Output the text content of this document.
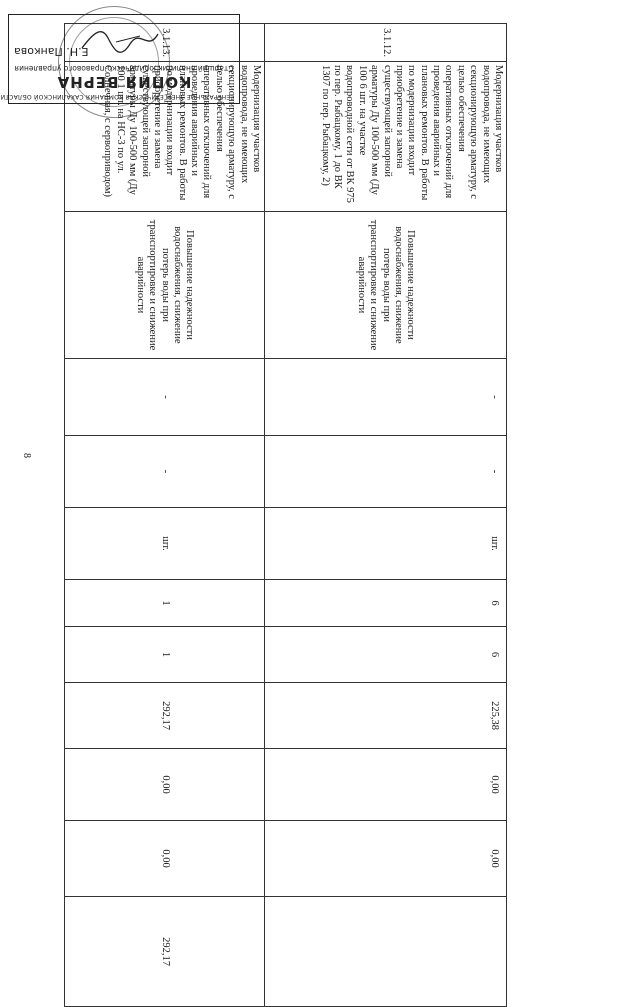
8
3.1.12.	Модернизация участков водопровода, не имеющих секционирующую арматуру, с целью обеспечения оперативных отключений для проведения аварийных и плановых ремонтов. В работы по модернизации входит приобретение и замена существующей запорной арматуры Ду 100-500 мм (Ду 100 6 шт. на участке водопроводной сети от ВК 975 по пер. Рыбацкому, 1 до ВК 1307 по пер. Рыбацкому, 2)	Повышение надежности водоснабжения, снижение потерь воды при транспортировке и снижение аварийности	-	-	шт.	6	6	225,38	0,00	0,00	
3.1.13.	Модернизация участков водопровода, не имеющих секционирующую арматуру, с целью обеспечения оперативных отключений для проведения аварийных и плановых ремонтов. В работы по модернизации входит приобретение и замена существующей запорной арматуры Ду 100-500 мм (Ду 100 1 шт. на НС-3 по ул. Солнечная, с сервоприводом)	Повышение надежности водоснабжения, снижение потерь воды при транспортировке и снижение аварийности	-	-	шт.	1	1	292,17	0,00	0,00	292,17
ГЕНЕРАЛЬНОЕ ЭНЕРГЕТИЧЕСКАЯ КОМПАНИЯ САХАЛИНСКОЙ ОБЛАСТИ
КОПИЯ ВЕРНА
Старший аналитик юридическо-правового управления

Е.Н. Панкова
